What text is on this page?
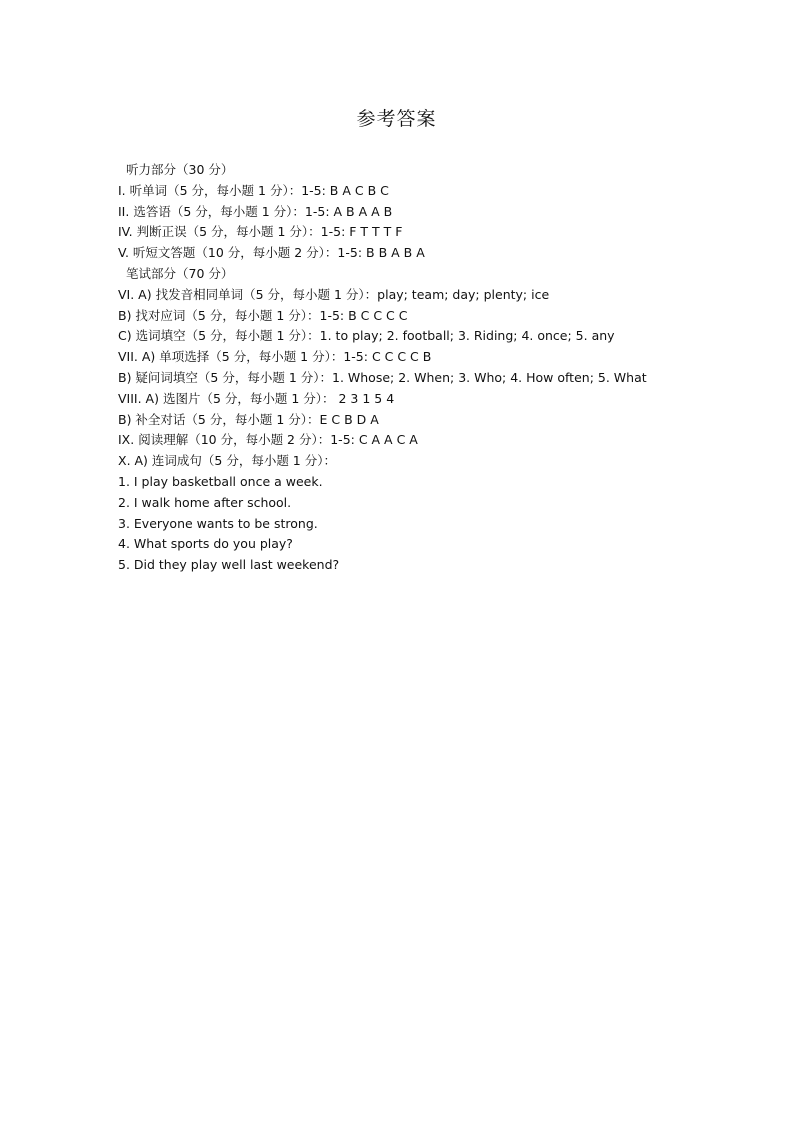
参考答案
听力部分（30 分）
I. 听单词（5 分，每小题 1 分）：1-5: B A C B C
II. 选答语（5 分，每小题 1 分）：1-5: A B A A B
IV. 判断正误（5 分，每小题 1 分）：1-5: F T T T F
V. 听短文答题（10 分，每小题 2 分）：1-5: B B A B A
笔试部分（70 分）
VI. A) 找发音相同单词（5 分，每小题 1 分）：play; team; day; plenty; ice
B) 找对应词（5 分，每小题 1 分）：1-5: B C C C C
C) 选词填空（5 分，每小题 1 分）：1. to play; 2. football; 3. Riding; 4. once; 5. any
VII. A) 单项选择（5 分，每小题 1 分）：1-5: C C C C B
B) 疑问词填空（5 分，每小题 1 分）：1. Whose; 2. When; 3. Who; 4. How often; 5. What
VIII. A) 选图片（5 分，每小题 1 分）： 2 3 1 5 4
B) 补全对话（5 分，每小题 1 分）：E C B D A
IX. 阅读理解（10 分，每小题 2 分）：1-5: C A A C A
X. A) 连词成句（5 分，每小题 1 分）：
1. I play basketball once a week.
2. I walk home after school.
3. Everyone wants to be strong.
4. What sports do you play?
5. Did they play well last weekend?
